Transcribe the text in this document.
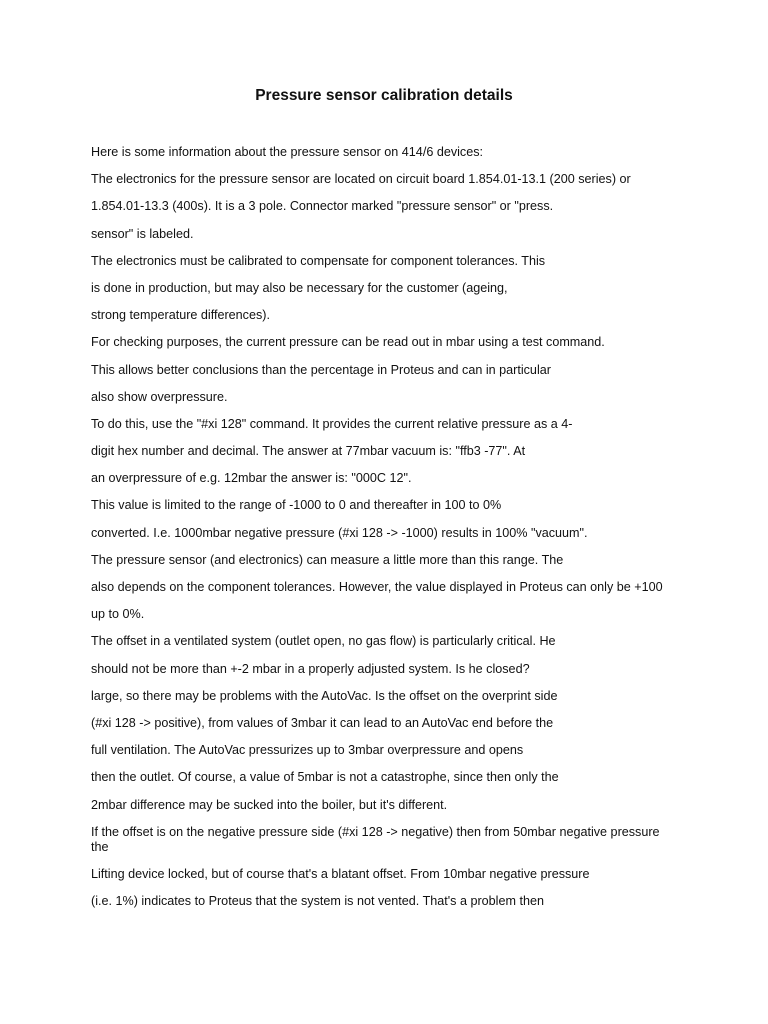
Pressure sensor calibration details

Here is some information about the pressure sensor on 414/6 devices:

The electronics for the pressure sensor are located on circuit board 1.854.01-13.1 (200 series) or

1.854.01-13.3 (400s). It is a 3 pole. Connector marked "pressure sensor" or "press.

sensor" is labeled.

The electronics must be calibrated to compensate for component tolerances. This

is done in production, but may also be necessary for the customer (ageing,

strong temperature differences).

For checking purposes, the current pressure can be read out in mbar using a test command.

This allows better conclusions than the percentage in Proteus and can in particular

also show overpressure.

To do this, use the "#xi 128" command. It provides the current relative pressure as a 4-

digit hex number and decimal. The answer at 77mbar vacuum is: "ffb3 -77". At

an overpressure of e.g. 12mbar the answer is: "000C 12".

This value is limited to the range of -1000 to 0 and thereafter in 100 to 0%

converted. I.e. 1000mbar negative pressure (#xi 128 -> -1000) results in 100% "vacuum".

The pressure sensor (and electronics) can measure a little more than this range. The

also depends on the component tolerances. However, the value displayed in Proteus can only be +100

up to 0%.

The offset in a ventilated system (outlet open, no gas flow) is particularly critical. He

should not be more than +-2 mbar in a properly adjusted system. Is he closed?

large, so there may be problems with the AutoVac. Is the offset on the overprint side

(#xi 128 -> positive), from values of 3mbar it can lead to an AutoVac end before the

full ventilation. The AutoVac pressurizes up to 3mbar overpressure and opens

then the outlet. Of course, a value of 5mbar is not a catastrophe, since then only the

2mbar difference may be sucked into the boiler, but it's different.

If the offset is on the negative pressure side (#xi 128 -> negative) then from 50mbar negative pressure the

Lifting device locked, but of course that's a blatant offset. From 10mbar negative pressure

(i.e. 1%) indicates to Proteus that the system is not vented. That's a problem then
